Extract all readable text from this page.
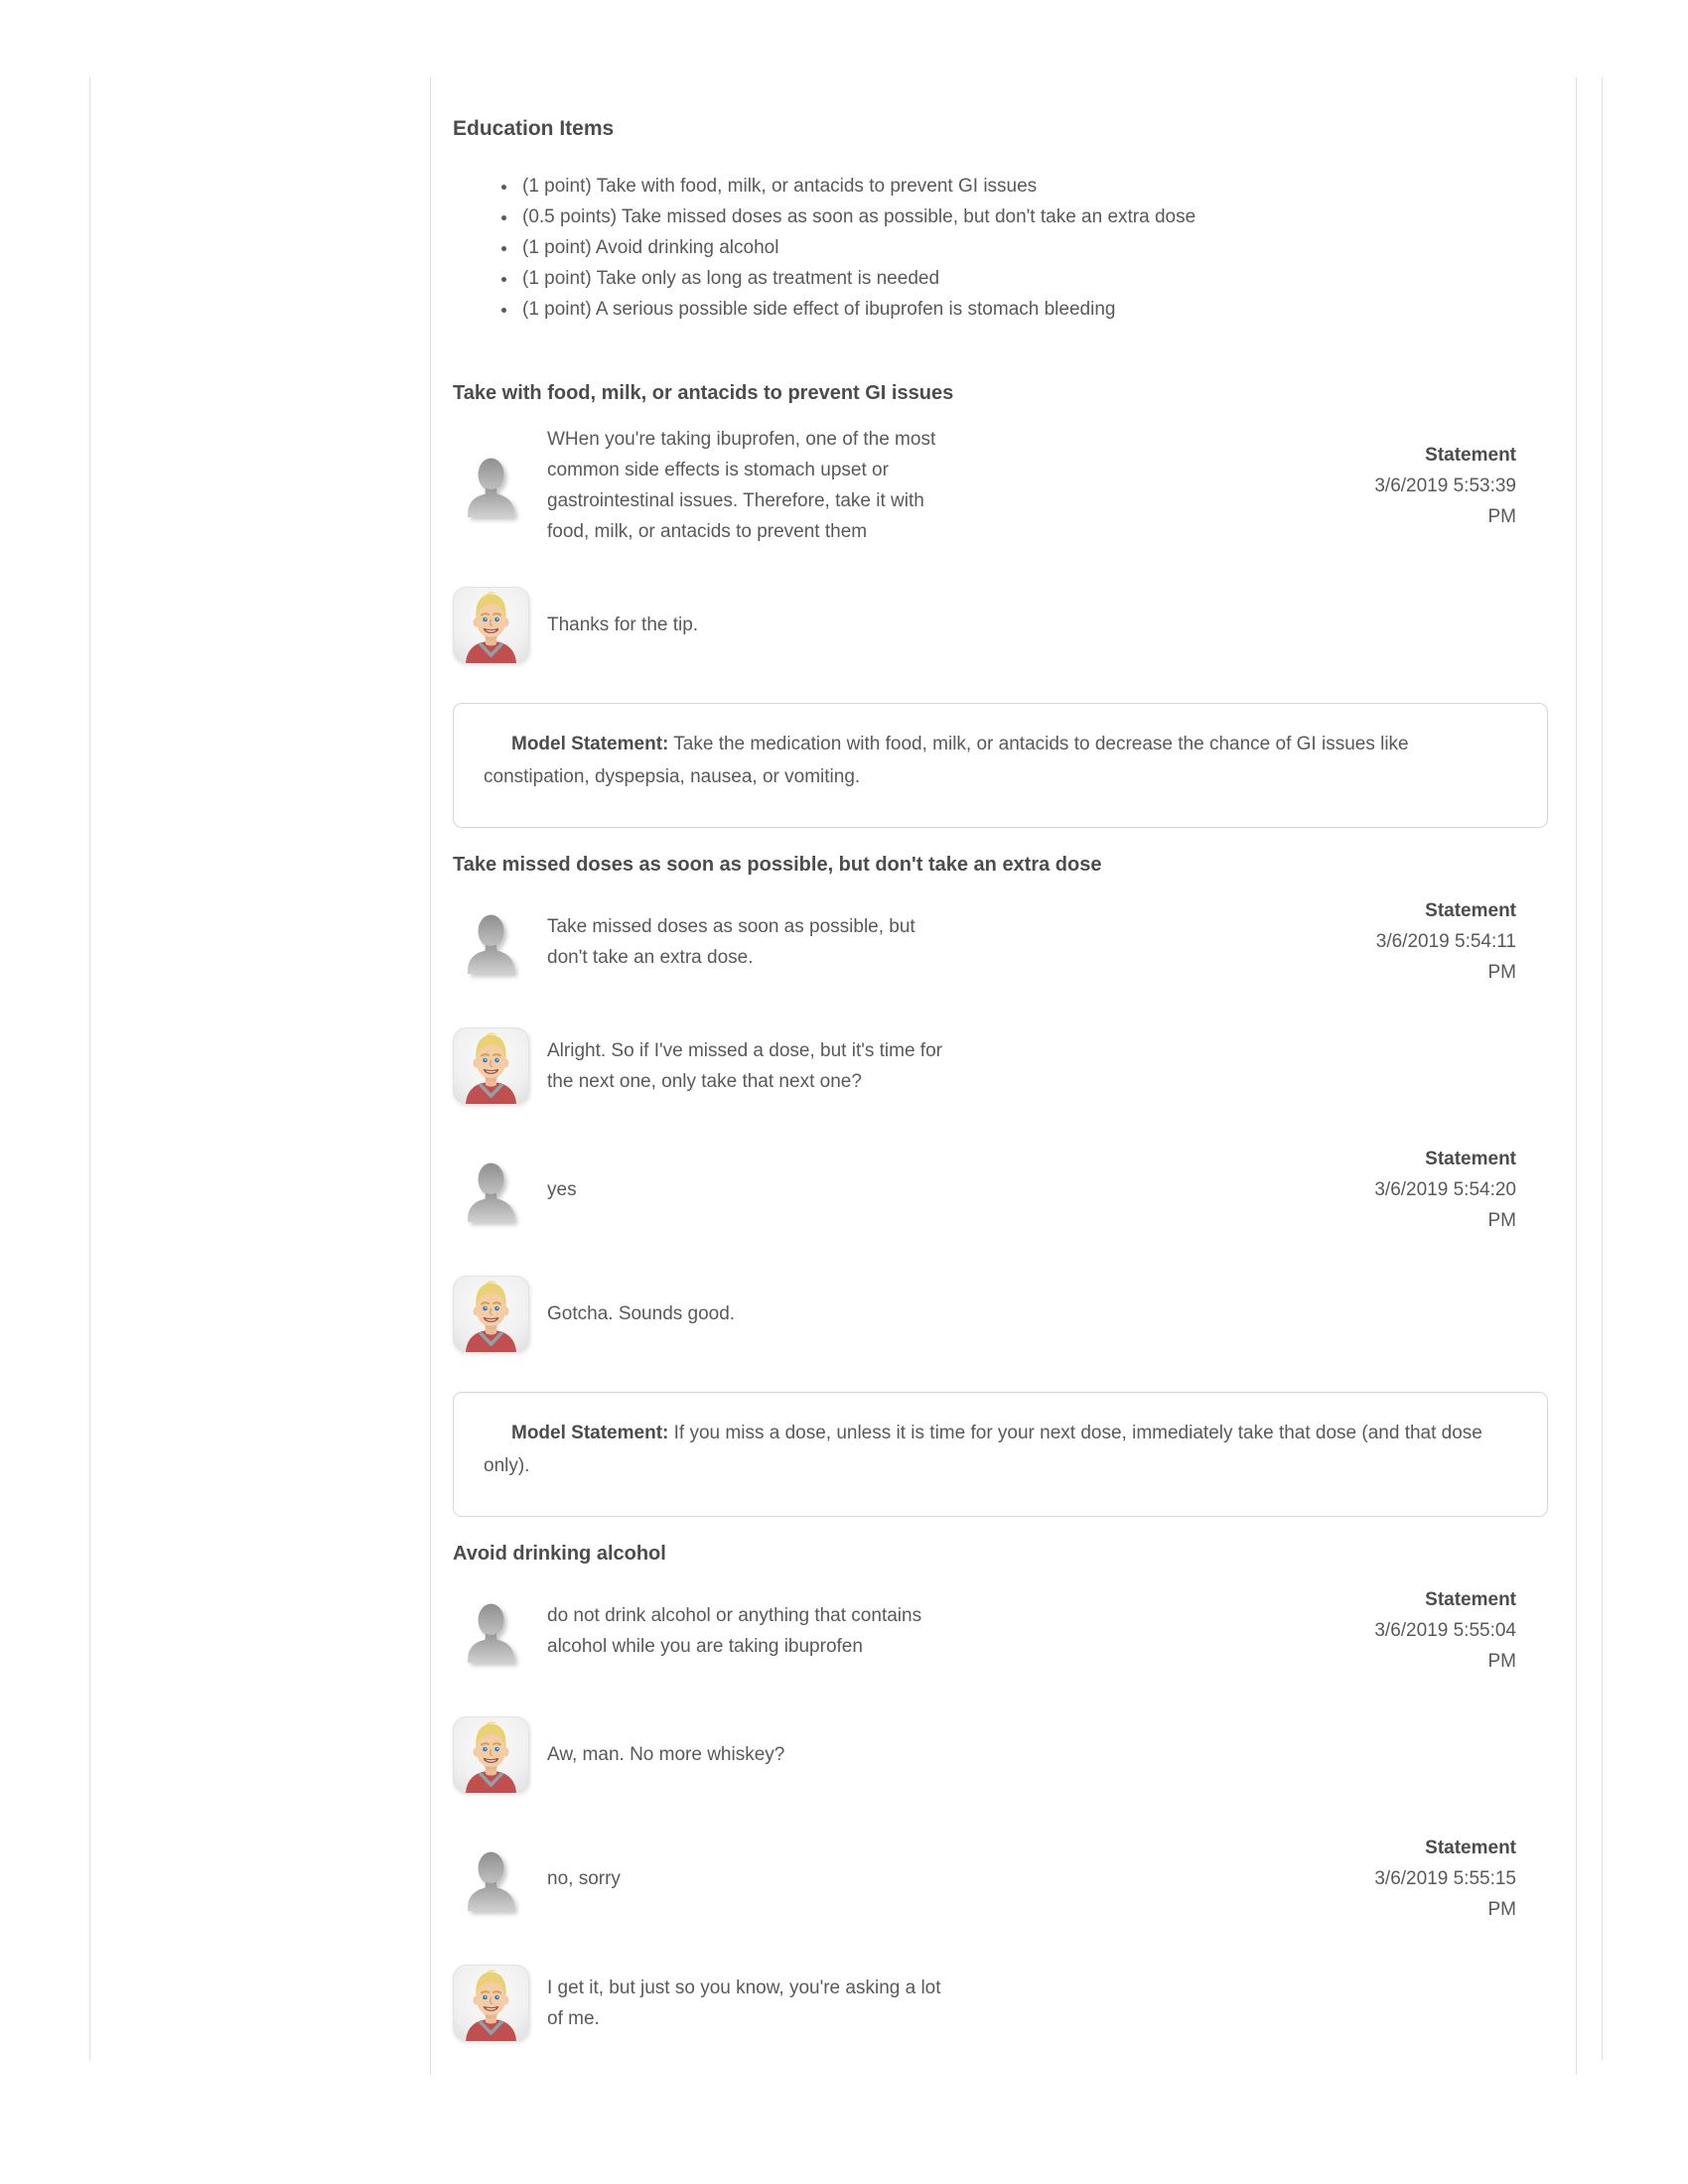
Education Items
• (1 point) Take with food, milk, or antacids to prevent GI issues
• (0.5 points) Take missed doses as soon as possible, but don't take an extra dose
• (1 point) Avoid drinking alcohol
• (1 point) Take only as long as treatment is needed
• (1 point) A serious possible side effect of ibuprofen is stomach bleeding
Take with food, milk, or antacids to prevent GI issues
WHen you're taking ibuprofen, one of the most common side effects is stomach upset or gastrointestinal issues. Therefore, take it with food, milk, or antacids to prevent them
Statement
3/6/2019 5:53:39 PM
Thanks for the tip.

Model Statement: Take the medication with food, milk, or antacids to decrease the chance of GI issues like constipation, dyspepsia, nausea, or vomiting.

Take missed doses as soon as possible, but don't take an extra dose
Take missed doses as soon as possible, but don't take an extra dose.
Statement
3/6/2019 5:54:11 PM
Alright. So if I've missed a dose, but it's time for the next one, only take that next one?
yes
Statement
3/6/2019 5:54:20 PM
Gotcha. Sounds good.

Model Statement: If you miss a dose, unless it is time for your next dose, immediately take that dose (and that dose only).

Avoid drinking alcohol
do not drink alcohol or anything that contains alcohol while you are taking ibuprofen
Statement
3/6/2019 5:55:04 PM
Aw, man. No more whiskey?
no, sorry
Statement
3/6/2019 5:55:15 PM
I get it, but just so you know, you're asking a lot of me.
